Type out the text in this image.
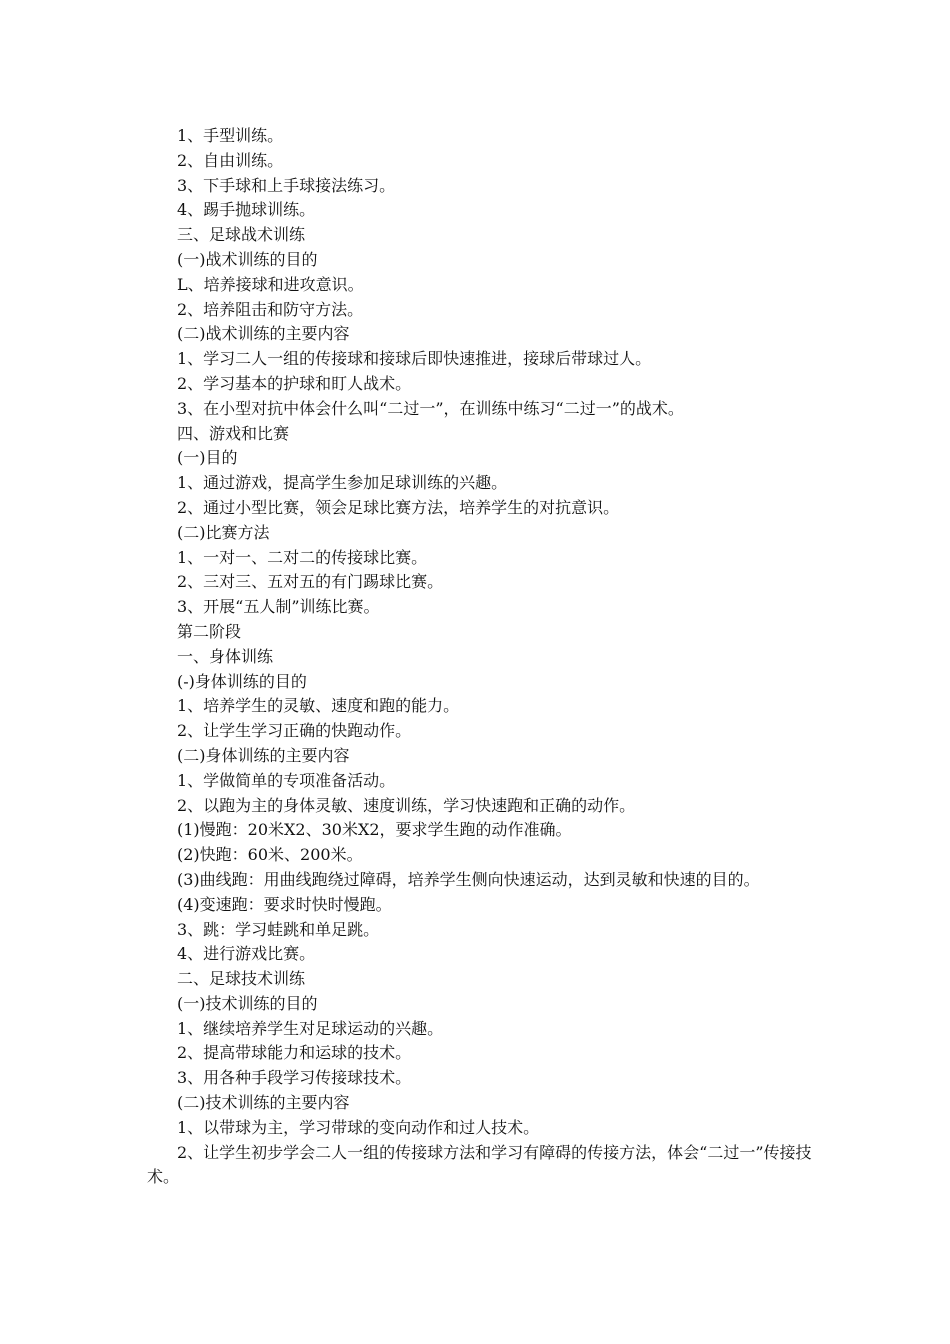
1、手型训练。

2、自由训练。

3、下手球和上手球接法练习。

4、踢手抛球训练。

三、足球战术训练

(一)战术训练的目的

L、培养接球和进攻意识。

2、培养阻击和防守方法。

(二)战术训练的主要内容

1、学习二人一组的传接球和接球后即快速推进，接球后带球过人。

2、学习基本的护球和盯人战术。

3、在小型对抗中体会什么叫“二过一”，在训练中练习“二过一”的战术。

四、游戏和比赛

(一)目的

1、通过游戏，提高学生参加足球训练的兴趣。

2、通过小型比赛，领会足球比赛方法，培养学生的对抗意识。

(二)比赛方法

1、一对一、二对二的传接球比赛。

2、三对三、五对五的有门踢球比赛。

3、开展“五人制”训练比赛。

第二阶段

一、身体训练

(-)身体训练的目的

1、培养学生的灵敏、速度和跑的能力。

2、让学生学习正确的快跑动作。

(二)身体训练的主要内容

1、学做简单的专项准备活动。

2、以跑为主的身体灵敏、速度训练，学习快速跑和正确的动作。

(1)慢跑：20米X2、30米X2，要求学生跑的动作准确。

(2)快跑：60米、200米。

(3)曲线跑：用曲线跑绕过障碍，培养学生侧向快速运动，达到灵敏和快速的目的。

(4)变速跑：要求时快时慢跑。

3、跳：学习蛙跳和单足跳。

4、进行游戏比赛。

二、足球技术训练

(一)技术训练的目的

1、继续培养学生对足球运动的兴趣。

2、提高带球能力和运球的技术。

3、用各种手段学习传接球技术。

(二)技术训练的主要内容

1、以带球为主，学习带球的变向动作和过人技术。

2、让学生初步学会二人一组的传接球方法和学习有障碍的传接方法，体会“二过一”传接技术。
